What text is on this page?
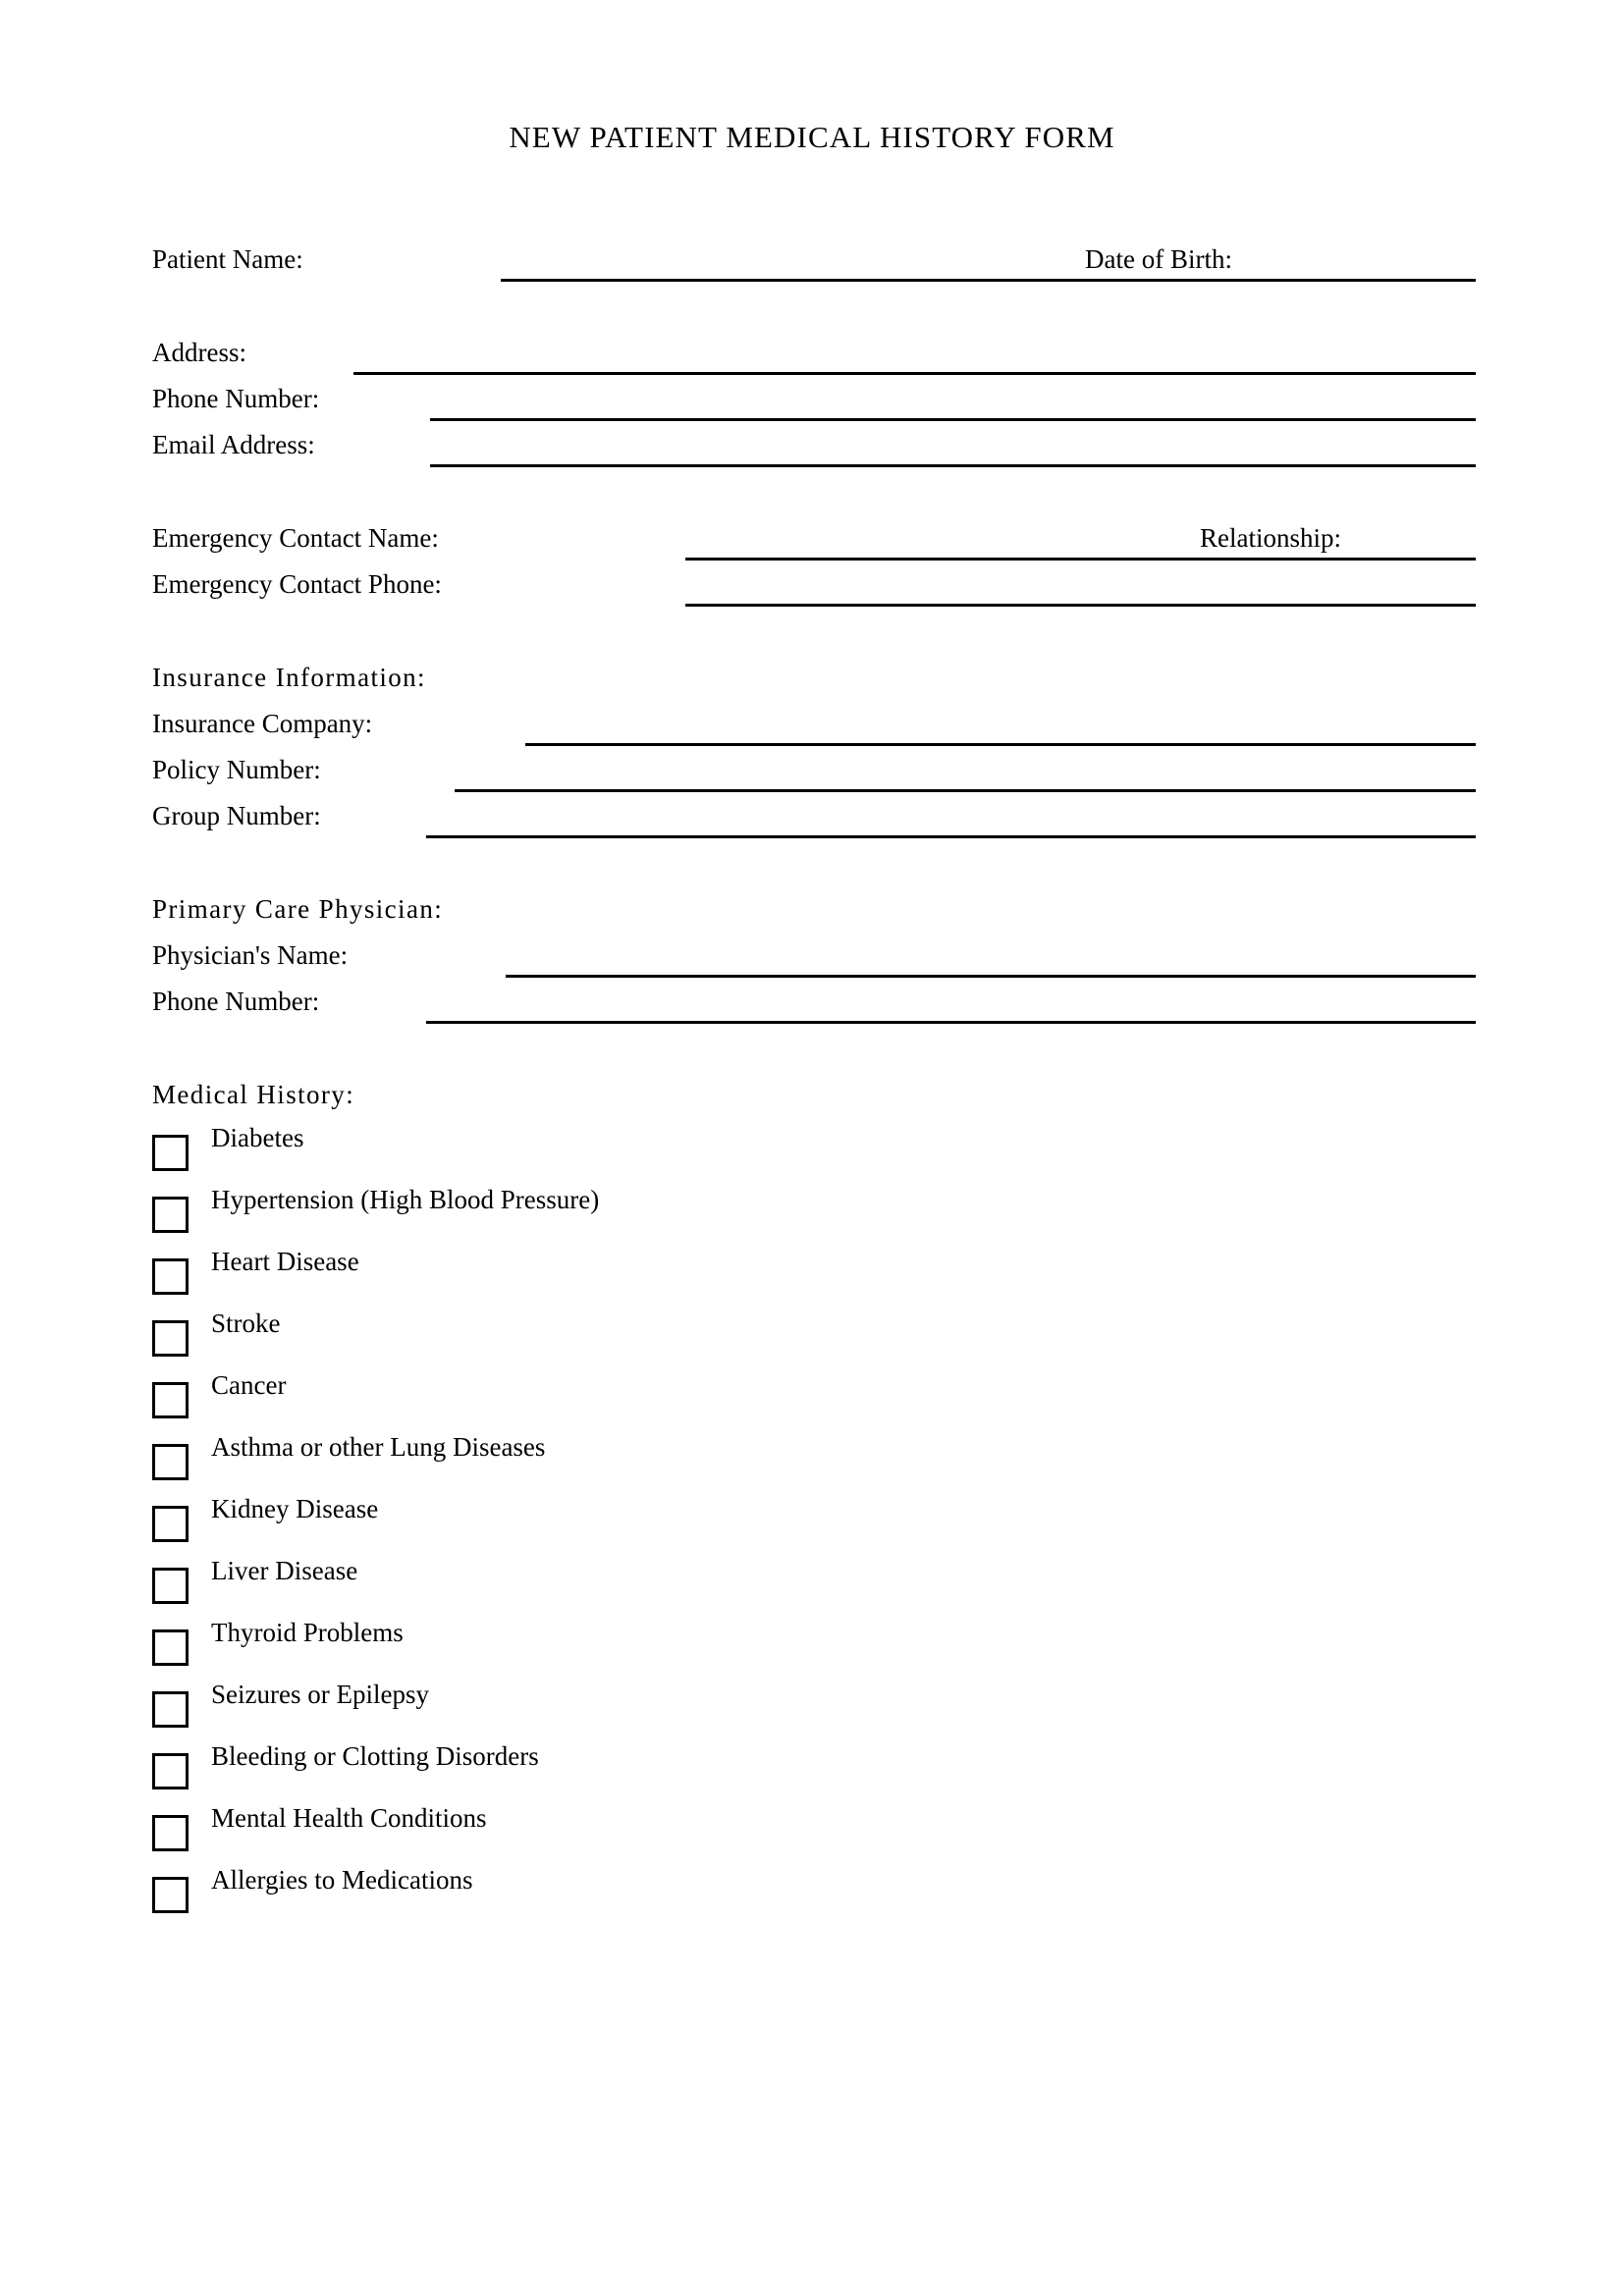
NEW PATIENT MEDICAL HISTORY FORM
Patient Name:	Date of Birth:
Address:
Phone Number:
Email Address:
Emergency Contact Name:	Relationship:
Emergency Contact Phone:
Insurance Information:
Insurance Company:
Policy Number:
Group Number:
Primary Care Physician:
Physician's Name:
Phone Number:
Medical History:
Diabetes
Hypertension (High Blood Pressure)
Heart Disease
Stroke
Cancer
Asthma or other Lung Diseases
Kidney Disease
Liver Disease
Thyroid Problems
Seizures or Epilepsy
Bleeding or Clotting Disorders
Mental Health Conditions
Allergies to Medications
